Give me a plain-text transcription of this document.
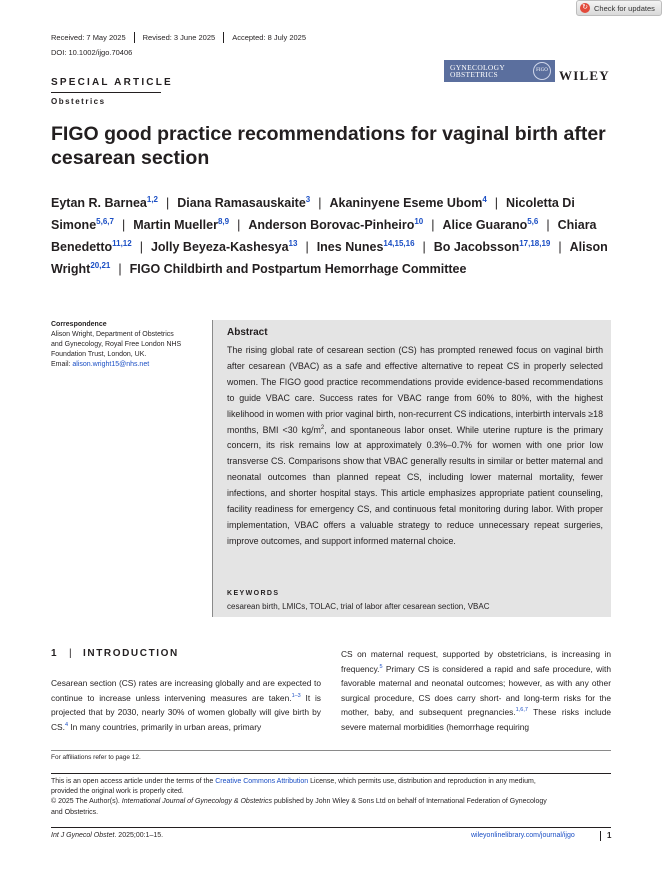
↻ Check for updates
Received: 7 May 2025	Revised: 3 June 2025	Accepted: 8 July 2025
DOI: 10.1002/ijgo.70406
GYNECOLOGY
OBSTETRICS	FIGO WILEY
SPECIAL ARTICLE
Obstetrics
FIGO good practice recommendations for vaginal birth after cesarean section
Eytan R. Barnea$^{1,2}$ | Diana Ramasauskaite$^3$ | Akaninyene Eseme Ubom$^4$ | Nicoletta Di Simone$^{5,6,7}$ | Martin Mueller$^{8,9}$ | Anderson Borovac-Pinheiro$^{10}$ | Alice Guarano$^{5,6}$ | Chiara Benedetto$^{11,12}$ | Jolly Beyeza-Kashesya$^{13}$ | Ines Nunes$^{14,15,16}$ | Bo Jacobsson$^{17,18,19}$ | Alison Wright$^{20,21}$ | FIGO Childbirth and Postpartum Hemorrhage Committee
Correspondence
Alison Wright, Department of Obstetrics
and Gynecology, Royal Free London NHS
Foundation Trust, London, UK.
Email: alison.wright15@nhs.net
Abstract
The rising global rate of cesarean section (CS) has prompted renewed focus on vaginal birth after cesarean (VBAC) as a safe and effective alternative to repeat CS in properly selected women. The FIGO good practice recommendations provide evidence-based recommendations to guide VBAC care. Success rates for VBAC range from 60% to 80%, with the highest likelihood in women with prior vaginal birth, non-recurrent CS indications, interbirth intervals ≥18 months, BMI <30 $kg/m^2$, and spontaneous labor onset. While uterine rupture is the primary concern, its risk remains low at approximately 0.3%–0.7% for women with one prior low transverse CS. Comparisons show that VBAC generally results in similar or better maternal and neonatal outcomes than planned repeat CS, including lower maternal mortality, fewer infections, and shorter hospital stays. This article emphasizes appropriate patient counseling, facility readiness for emergency CS, and continuous fetal monitoring during labor. With proper implementation, VBAC offers a valuable strategy to reduce unnecessary repeat surgeries, improve outcomes, and support informed maternal choice.
KEYWORDS
cesarean birth, LMICs, TOLAC, trial of labor after cesarean section, VBAC
1	| INTRODUCTION
Cesarean section (CS) rates are increasing globally and are expected to continue to increase unless intervening measures are taken.$^{1-3}$ It is projected that by 2030, nearly 30% of women globally will give birth by CS.$^4$ In many countries, primarily in urban areas, primary
CS on maternal request, supported by obstetricians, is increasing in frequency.$^5$ Primary CS is considered a rapid and safe procedure, with favorable maternal and neonatal outcomes; however, as with any other surgical procedure, CS does carry short- and long-term risks for the mother, baby, and subsequent pregnancies.$^{1,6,7}$ These risks include severe maternal morbidities (hemorrhage requiring
For affiliations refer to page 12.
This is an open access article under the terms of the Creative Commons Attribution License, which permits use, distribution and reproduction in any medium,
provided the original work is properly cited.
© 2025 The Author(s). International Journal of Gynecology & Obstetrics published by John Wiley & Sons Ltd on behalf of International Federation of Gynecology
and Obstetrics.
Int J Gynecol Obstet. 2025;00:1–15.	wileyonlinelibrary.com/journal/ijgo	1
